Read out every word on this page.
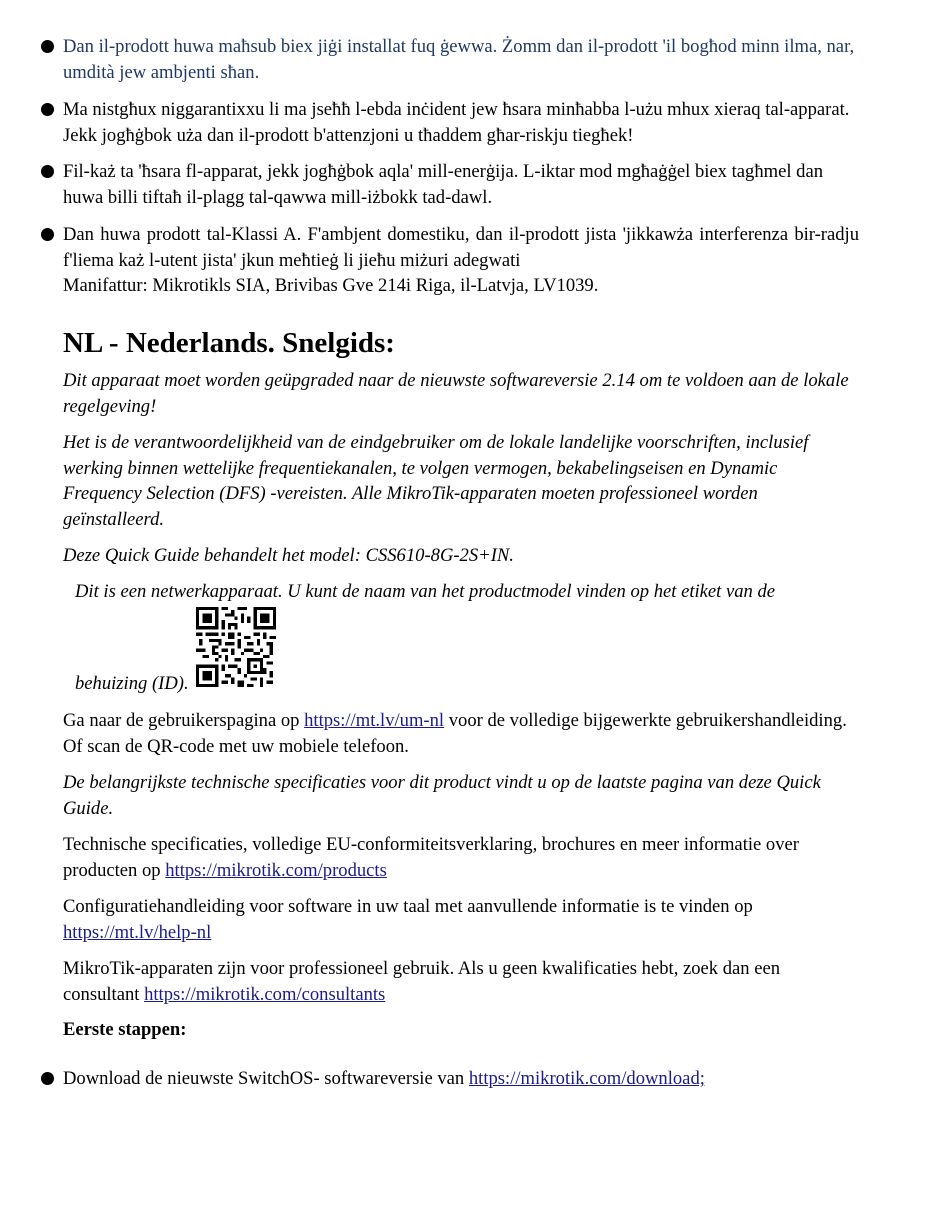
Dan il-prodott huwa maħsub biex jiġi installat fuq ġewwa. Żomm dan il-prodott 'il bogħod minn ilma, nar, umdità jew ambjenti sħan.
Ma nistgħux niggarantixxu li ma jseħħ l-ebda inċident jew ħsara minħabba l-użu mhux xieraq tal-apparat. Jekk jogħġbok uża dan il-prodott b'attenzjoni u tħaddem għar-riskju tiegħek!
Fil-każ ta 'ħsara fl-apparat, jekk jogħġbok aqla' mill-enerġija. L-iktar mod mgħaġġel biex tagħmel dan huwa billi tiftaħ il-plagg tal-qawwa mill-iżbokk tad-dawl.
Dan huwa prodott tal-Klassi A. F'ambjent domestiku, dan il-prodott jista 'jikkawża interferenza bir-radju f'liema każ l-utent jista' jkun meħtieġ li jieħu miżuri adegwati
Manifattur: Mikrotikls SIA, Brivibas Gve 214i Riga, il-Latvja, LV1039.
NL - Nederlands. Snelgids:
Dit apparaat moet worden geüpgraded naar de nieuwste softwareversie 2.14 om te voldoen aan de lokale regelgeving!
Het is de verantwoordelijkheid van de eindgebruiker om de lokale landelijke voorschriften, inclusief werking binnen wettelijke frequentiekanalen, te volgen vermogen, bekabelingseisen en Dynamic Frequency Selection (DFS) -vereisten. Alle MikroTik-apparaten moeten professioneel worden geïnstalleerd.
Deze Quick Guide behandelt het model: CSS610-8G-2S+IN.
Dit is een netwerkapparaat. U kunt de naam van het productmodel vinden op het etiket van de
behuizing (ID).
Ga naar de gebruikerspagina op https://mt.lv/um-nl voor de volledige bijgewerkte gebruikershandleiding. Of scan de QR-code met uw mobiele telefoon.
De belangrijkste technische specificaties voor dit product vindt u op de laatste pagina van deze Quick Guide.
Technische specificaties, volledige EU-conformiteitsverklaring, brochures en meer informatie over producten op https://mikrotik.com/products
Configuratiehandleiding voor software in uw taal met aanvullende informatie is te vinden op https://mt.lv/help-nl
MikroTik-apparaten zijn voor professioneel gebruik. Als u geen kwalificaties hebt, zoek dan een consultant https://mikrotik.com/consultants
Eerste stappen:
Download de nieuwste SwitchOS- softwareversie van https://mikrotik.com/download;
